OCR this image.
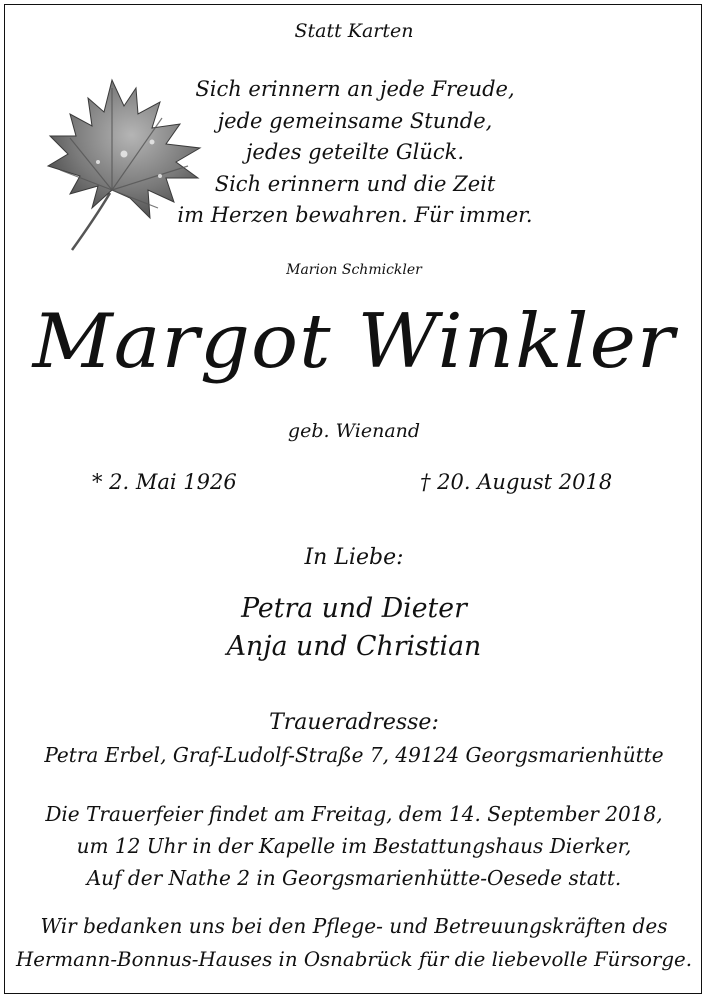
Statt Karten
Sich erinnern an jede Freude,
jede gemeinsame Stunde,
jedes geteilte Glück.
Sich erinnern und die Zeit
im Herzen bewahren. Für immer.
Marion Schmickler
Margot Winkler
geb. Wienand
* 2. Mai 1926	† 20. August 2018
In Liebe:
Petra und Dieter
Anja und Christian
Traueradresse:
Petra Erbel, Graf-Ludolf-Straße 7, 49124 Georgsmarienhütte
Die Trauerfeier findet am Freitag, dem 14. September 2018,
um 12 Uhr in der Kapelle im Bestattungshaus Dierker,
Auf der Nathe 2 in Georgsmarienhütte-Oesede statt.
Wir bedanken uns bei den Pflege- und Betreuungskräften des
Hermann-Bonnus-Hauses in Osnabrück für die liebevolle Fürsorge.
